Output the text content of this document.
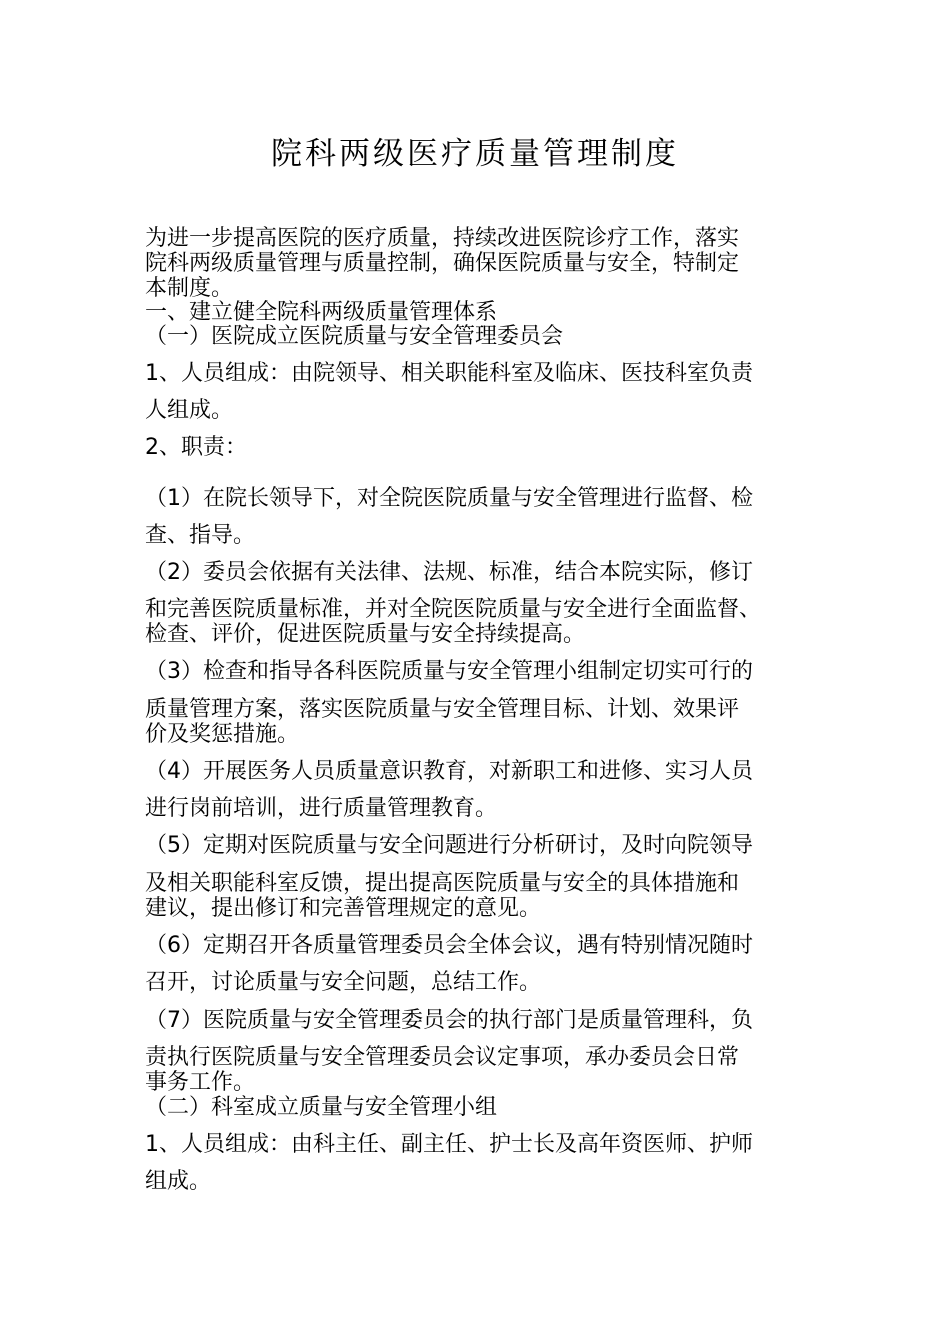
院科两级医疗质量管理制度
为进一步提高医院的医疗质量，持续改进医院诊疗工作，落实
院科两级质量管理与质量控制，确保医院质量与安全，特制定
本制度。
一、建立健全院科两级质量管理体系
（一）医院成立医院质量与安全管理委员会
1、人员组成：由院领导、相关职能科室及临床、医技科室负责
人组成。
2、职责：
（1）在院长领导下，对全院医院质量与安全管理进行监督、检
查、指导。
（2）委员会依据有关法律、法规、标准，结合本院实际，修订
和完善医院质量标准，并对全院医院质量与安全进行全面监督、
检查、评价，促进医院质量与安全持续提高。
（3）检查和指导各科医院质量与安全管理小组制定切实可行的
质量管理方案，落实医院质量与安全管理目标、计划、效果评
价及奖惩措施。
（4）开展医务人员质量意识教育，对新职工和进修、实习人员
进行岗前培训，进行质量管理教育。
（5）定期对医院质量与安全问题进行分析研讨，及时向院领导
及相关职能科室反馈，提出提高医院质量与安全的具体措施和
建议，提出修订和完善管理规定的意见。
（6）定期召开各质量管理委员会全体会议，遇有特别情况随时
召开，讨论质量与安全问题，总结工作。
（7）医院质量与安全管理委员会的执行部门是质量管理科，负
责执行医院质量与安全管理委员会议定事项，承办委员会日常
事务工作。
（二）科室成立质量与安全管理小组
1、人员组成：由科主任、副主任、护士长及高年资医师、护师
组成。
